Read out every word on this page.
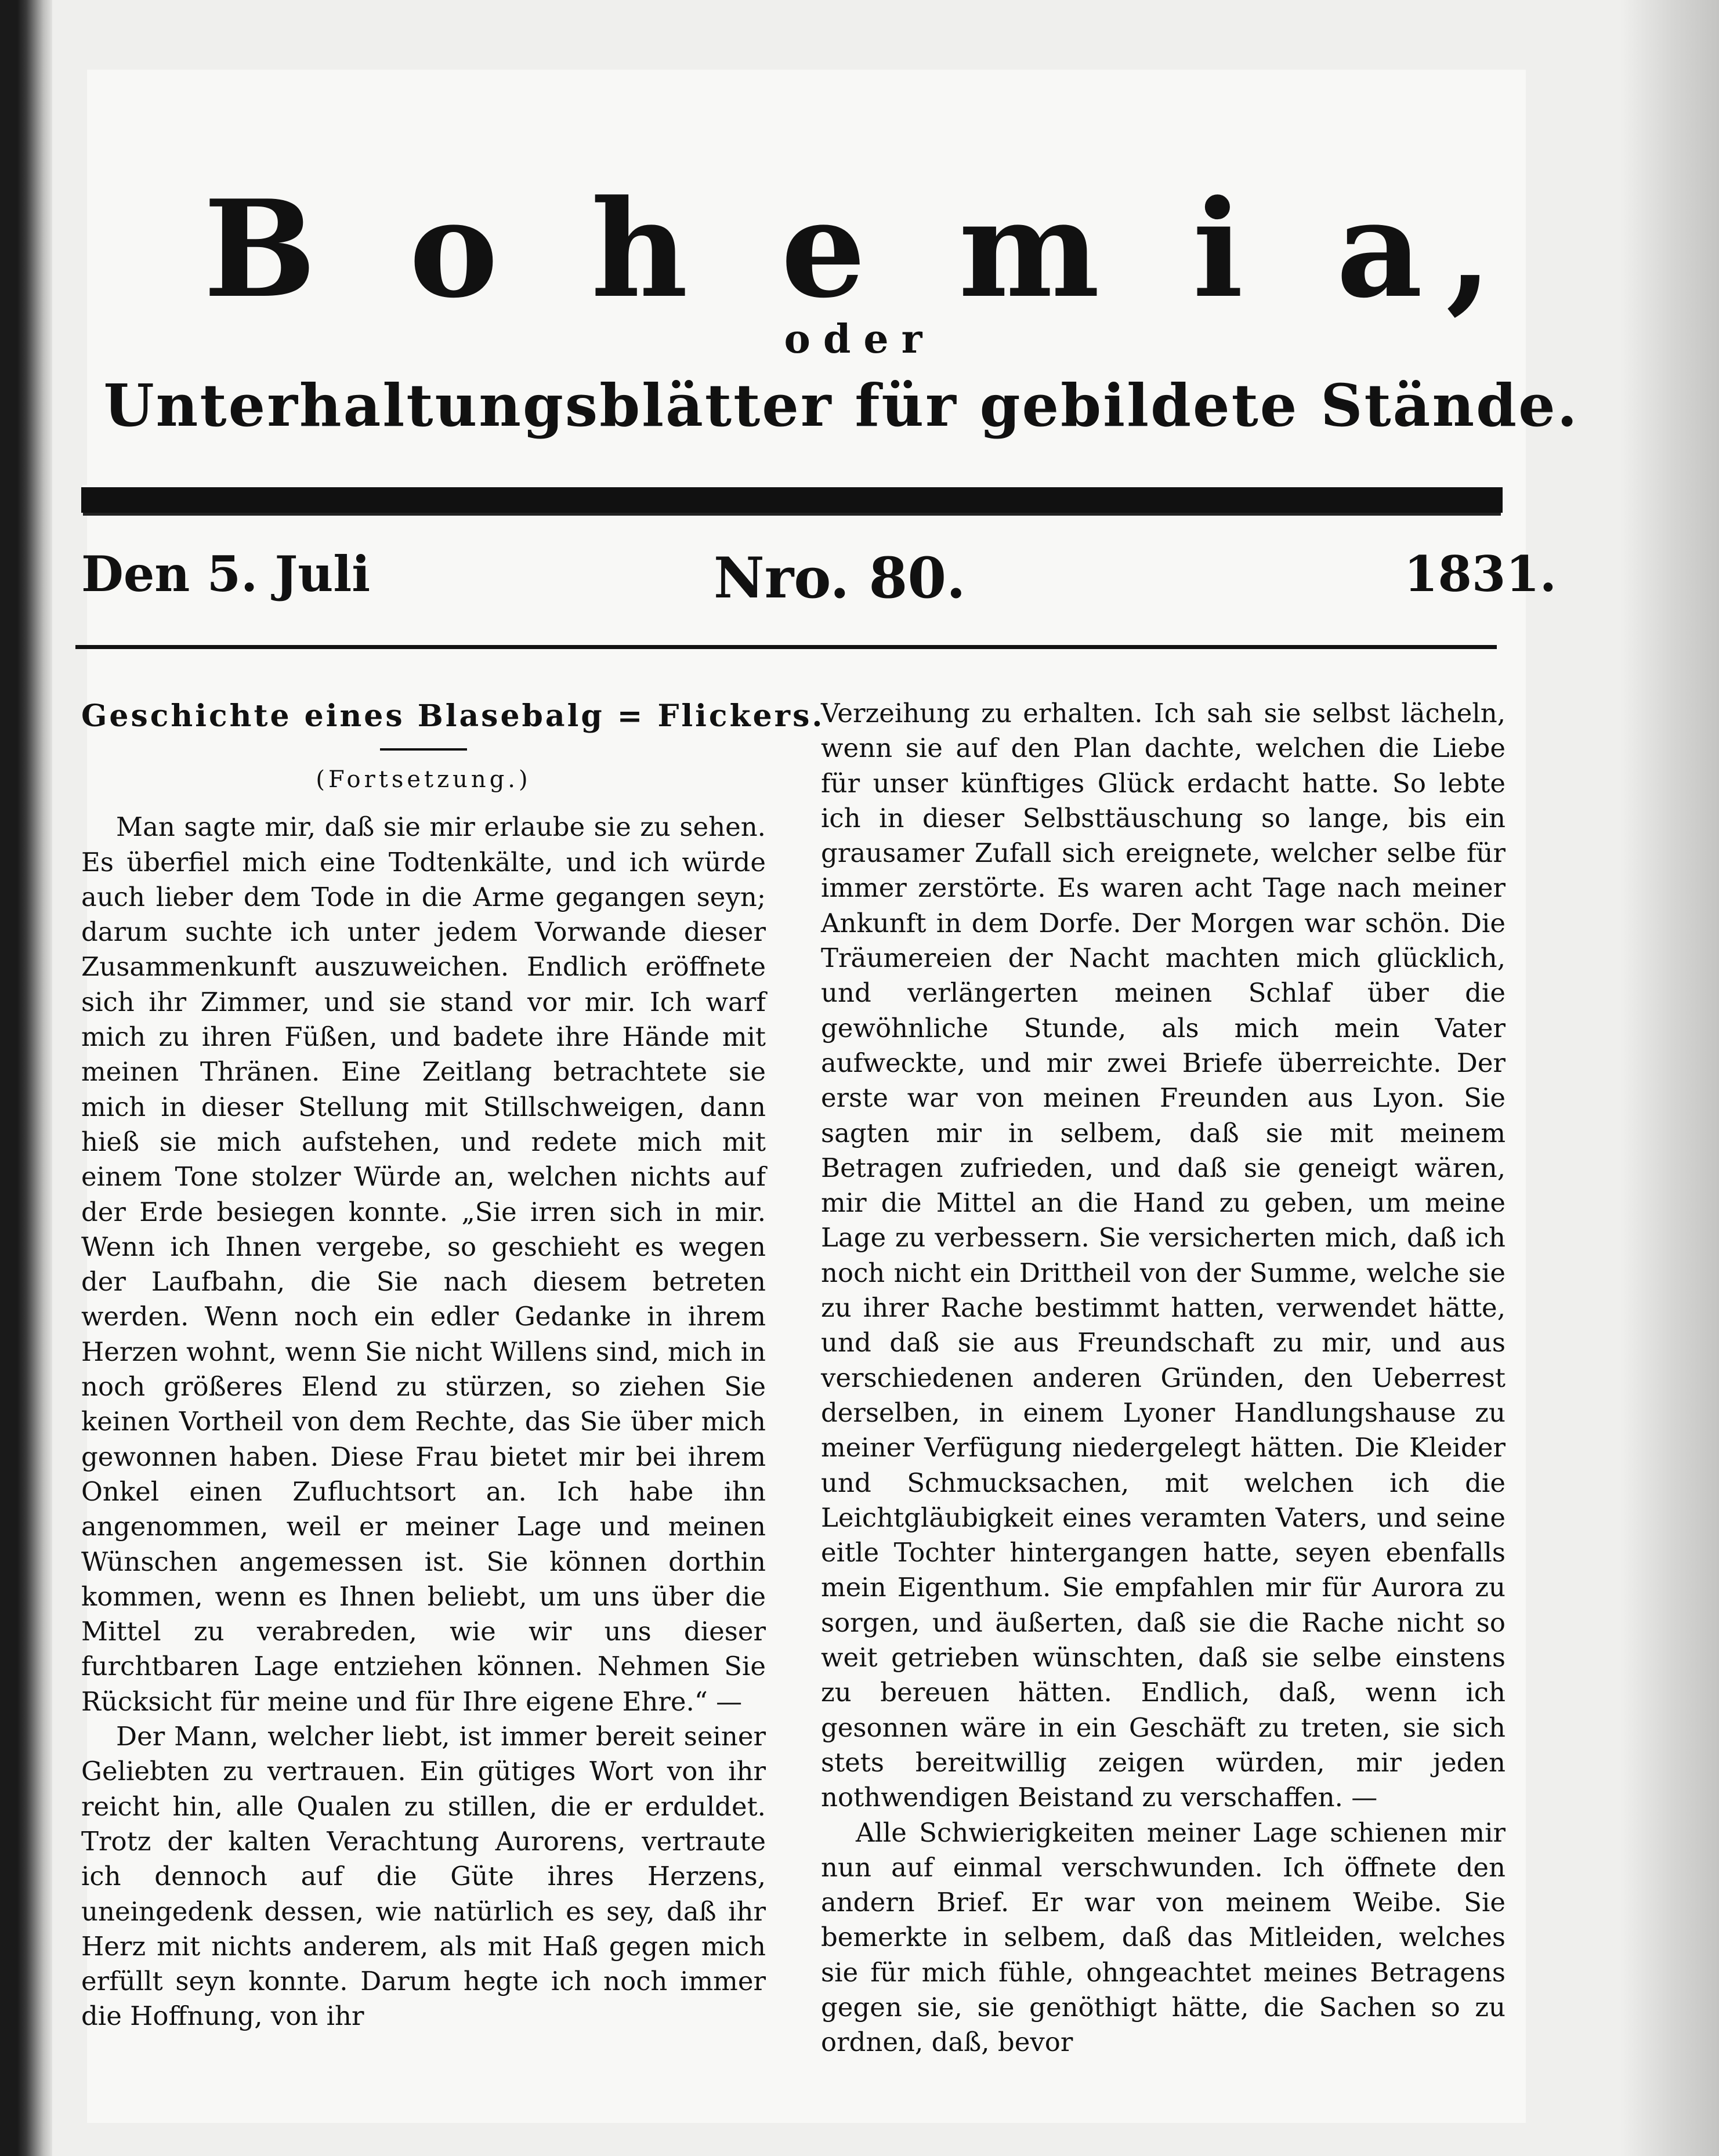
B o h e m i a,
oder
Unterhaltungsblätter für gebildete Stände.
Den 5. Juli	Nro. 80.	1831.
Geschichte eines Blasebalg = Flickers.
(Fortsetzung.)

Man sagte mir, daß sie mir erlaube sie zu sehen. Es überfiel mich eine Todtenkälte, und ich würde auch lieber dem Tode in die Arme gegangen seyn; darum suchte ich unter jedem Vorwande dieser Zusammenkunft auszuweichen. Endlich eröffnete sich ihr Zimmer, und sie stand vor mir. Ich warf mich zu ihren Füßen, und badete ihre Hände mit meinen Thränen. Eine Zeitlang betrachtete sie mich in dieser Stellung mit Stillschweigen, dann hieß sie mich aufstehen, und redete mich mit einem Tone stolzer Würde an, welchen nichts auf der Erde besiegen konnte. „Sie irren sich in mir. Wenn ich Ihnen vergebe, so geschieht es wegen der Laufbahn, die Sie nach diesem betreten werden. Wenn noch ein edler Gedanke in ihrem Herzen wohnt, wenn Sie nicht Willens sind, mich in noch größeres Elend zu stürzen, so ziehen Sie keinen Vortheil von dem Rechte, das Sie über mich gewonnen haben. Diese Frau bietet mir bei ihrem Onkel einen Zufluchtsort an. Ich habe ihn angenommen, weil er meiner Lage und meinen Wünschen angemessen ist. Sie können dorthin kommen, wenn es Ihnen beliebt, um uns über die Mittel zu verabreden, wie wir uns dieser furchtbaren Lage entziehen können. Nehmen Sie Rücksicht für meine und für Ihre eigene Ehre.“ —

Der Mann, welcher liebt, ist immer bereit seiner Geliebten zu vertrauen. Ein gütiges Wort von ihr reicht hin, alle Qualen zu stillen, die er erduldet. Trotz der kalten Verachtung Aurorens, vertraute ich dennoch auf die Güte ihres Herzens, uneingedenk dessen, wie natürlich es sey, daß ihr Herz mit nichts anderem, als mit Haß gegen mich erfüllt seyn konnte. Darum hegte ich noch immer die Hoffnung, von ihr

Verzeihung zu erhalten. Ich sah sie selbst lächeln, wenn sie auf den Plan dachte, welchen die Liebe für unser künftiges Glück erdacht hatte. So lebte ich in dieser Selbsttäuschung so lange, bis ein grausamer Zufall sich ereignete, welcher selbe für immer zerstörte. Es waren acht Tage nach meiner Ankunft in dem Dorfe. Der Morgen war schön. Die Träumereien der Nacht machten mich glücklich, und verlängerten meinen Schlaf über die gewöhnliche Stunde, als mich mein Vater aufweckte, und mir zwei Briefe überreichte. Der erste war von meinen Freunden aus Lyon. Sie sagten mir in selbem, daß sie mit meinem Betragen zufrieden, und daß sie geneigt wären, mir die Mittel an die Hand zu geben, um meine Lage zu verbessern. Sie versicherten mich, daß ich noch nicht ein Drittheil von der Summe, welche sie zu ihrer Rache bestimmt hatten, verwendet hätte, und daß sie aus Freundschaft zu mir, und aus verschiedenen anderen Gründen, den Ueberrest derselben, in einem Lyoner Handlungshause zu meiner Verfügung niedergelegt hätten. Die Kleider und Schmucksachen, mit welchen ich die Leichtgläubigkeit eines veramten Vaters, und seine eitle Tochter hintergangen hatte, seyen ebenfalls mein Eigenthum. Sie empfahlen mir für Aurora zu sorgen, und äußerten, daß sie die Rache nicht so weit getrieben wünschten, daß sie selbe einstens zu bereuen hätten. Endlich, daß, wenn ich gesonnen wäre in ein Geschäft zu treten, sie sich stets bereitwillig zeigen würden, mir jeden nothwendigen Beistand zu verschaffen. —

Alle Schwierigkeiten meiner Lage schienen mir nun auf einmal verschwunden. Ich öffnete den andern Brief. Er war von meinem Weibe. Sie bemerkte in selbem, daß das Mitleiden, welches sie für mich fühle, ohngeachtet meines Betragens gegen sie, sie genöthigt hätte, die Sachen so zu ordnen, daß, bevor
